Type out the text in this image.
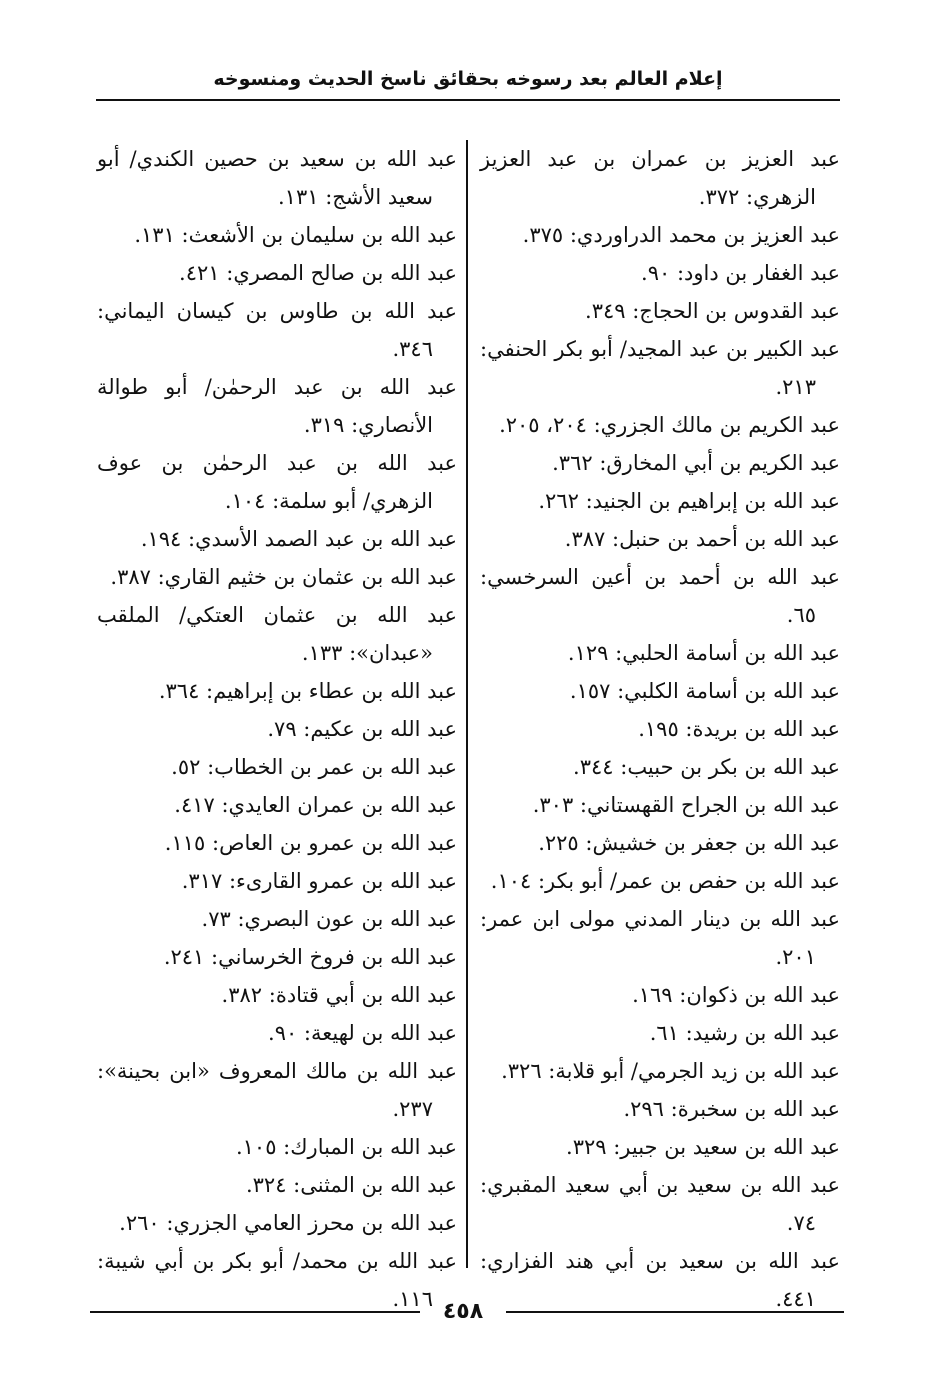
إعلام العالم بعد رسوخه بحقائق ناسخ الحديث ومنسوخه
عبد العزيز بن عمران بن عبد العزيز الزهري: ٣٧٢.
عبد العزيز بن محمد الدراوردي: ٣٧٥.
عبد الغفار بن داود: ٩٠.
عبد القدوس بن الحجاج: ٣٤٩.
عبد الكبير بن عبد المجيد/ أبو بكر الحنفي: ٢١٣.
عبد الكريم بن مالك الجزري: ٢٠٤، ٢٠٥.
عبد الكريم بن أبي المخارق: ٣٦٢.
عبد الله بن إبراهيم بن الجنيد: ٢٦٢.
عبد الله بن أحمد بن حنبل: ٣٨٧.
عبد الله بن أحمد بن أعين السرخسي: ٦٥.
عبد الله بن أسامة الحلبي: ١٢٩.
عبد الله بن أسامة الكلبي: ١٥٧.
عبد الله بن بريدة: ١٩٥.
عبد الله بن بكر بن حبيب: ٣٤٤.
عبد الله بن الجراح القهستاني: ٣٠٣.
عبد الله بن جعفر بن خشيش: ٢٢٥.
عبد الله بن حفص بن عمر/ أبو بكر: ١٠٤.
عبد الله بن دينار المدني مولى ابن عمر: ٢٠١.
عبد الله بن ذكوان: ١٦٩.
عبد الله بن رشيد: ٦١.
عبد الله بن زيد الجرمي/ أبو قلابة: ٣٢٦.
عبد الله بن سخبرة: ٢٩٦.
عبد الله بن سعيد بن جبير: ٣٢٩.
عبد الله بن سعيد بن أبي سعيد المقبري: ٧٤.
عبد الله بن سعيد بن أبي هند الفزاري: ٤٤١.
عبد الله بن سعيد بن حصين الكندي/ أبو سعيد الأشج: ١٣١.
عبد الله بن سليمان بن الأشعث: ١٣١.
عبد الله بن صالح المصري: ٤٢١.
عبد الله بن طاوس بن كيسان اليماني: ٣٤٦.
عبد الله بن عبد الرحمٰن/ أبو طوالة الأنصاري: ٣١٩.
عبد الله بن عبد الرحمٰن بن عوف الزهري/ أبو سلمة: ١٠٤.
عبد الله بن عبد الصمد الأسدي: ١٩٤.
عبد الله بن عثمان بن خثيم القاري: ٣٨٧.
عبد الله بن عثمان العتكي/ الملقب «عبدان»: ١٣٣.
عبد الله بن عطاء بن إبراهيم: ٣٦٤.
عبد الله بن عكيم: ٧٩.
عبد الله بن عمر بن الخطاب: ٥٢.
عبد الله بن عمران العايدي: ٤١٧.
عبد الله بن عمرو بن العاص: ١١٥.
عبد الله بن عمرو القارىء: ٣١٧.
عبد الله بن عون البصري: ٧٣.
عبد الله بن فروخ الخرساني: ٢٤١.
عبد الله بن أبي قتادة: ٣٨٢.
عبد الله بن لهيعة: ٩٠.
عبد الله بن مالك المعروف «ابن بحينة»: ٢٣٧.
عبد الله بن المبارك: ١٠٥.
عبد الله بن المثنى: ٣٢٤.
عبد الله بن محرز العامي الجزري: ٢٦٠.
عبد الله بن محمد/ أبو بكر بن أبي شيبة: ١١٦. ٤٥٨
